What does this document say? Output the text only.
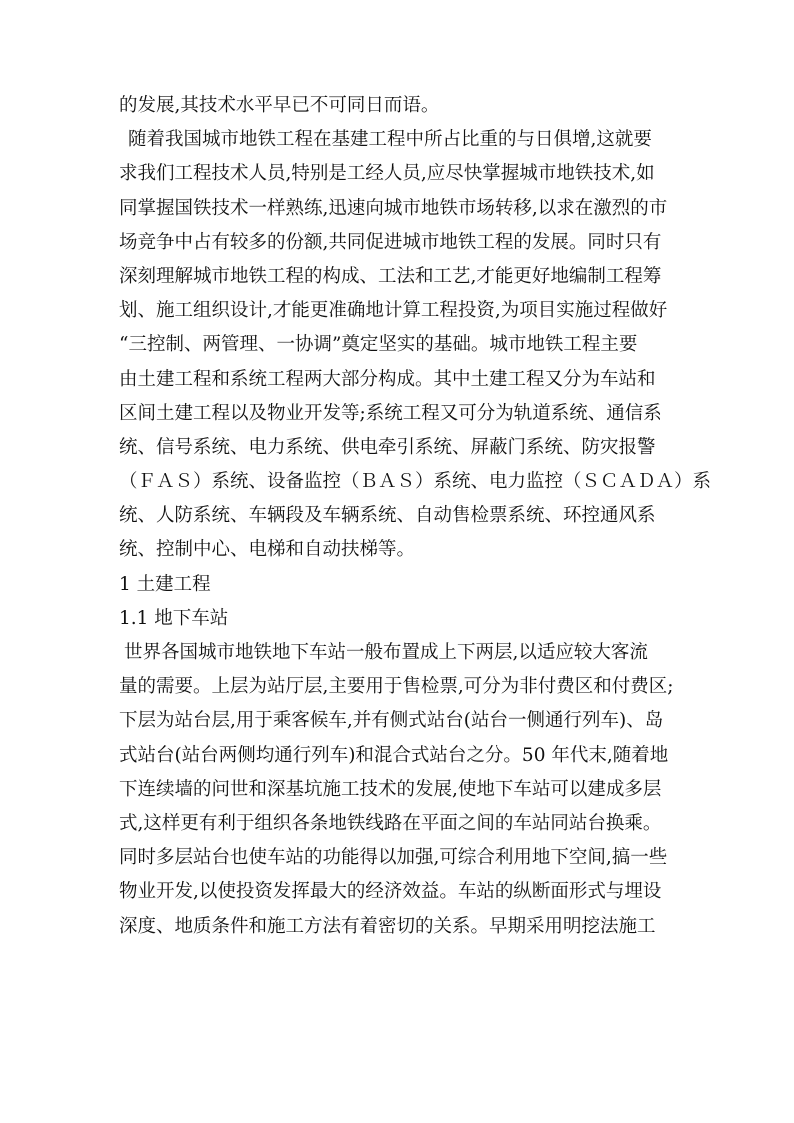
的发展,其技术水平早已不可同日而语。
随着我国城市地铁工程在基建工程中所占比重的与日俱增,这就要
求我们工程技术人员,特别是工经人员,应尽快掌握城市地铁技术,如
同掌握国铁技术一样熟练,迅速向城市地铁市场转移,以求在激烈的市
场竞争中占有较多的份额,共同促进城市地铁工程的发展。同时只有
深刻理解城市地铁工程的构成、工法和工艺,才能更好地编制工程筹
划、施工组织设计,才能更准确地计算工程投资,为项目实施过程做好
“三控制、两管理、一协调”奠定坚实的基础。城市地铁工程主要
由土建工程和系统工程两大部分构成。其中土建工程又分为车站和
区间土建工程以及物业开发等;系统工程又可分为轨道系统、通信系
统、信号系统、电力系统、供电牵引系统、屏蔽门系统、防灾报警
（ＦＡＳ）系统、设备监控（ＢＡＳ）系统、电力监控（ＳＣＡＤＡ）系
统、人防系统、车辆段及车辆系统、自动售检票系统、环控通风系
统、控制中心、电梯和自动扶梯等。
1 土建工程
1.1 地下车站
世界各国城市地铁地下车站一般布置成上下两层,以适应较大客流
量的需要。上层为站厅层,主要用于售检票,可分为非付费区和付费区;
下层为站台层,用于乘客候车,并有侧式站台(站台一侧通行列车)、岛
式站台(站台两侧均通行列车)和混合式站台之分。50 年代末,随着地
下连续墙的问世和深基坑施工技术的发展,使地下车站可以建成多层
式,这样更有利于组织各条地铁线路在平面之间的车站同站台换乘。
同时多层站台也使车站的功能得以加强,可综合利用地下空间,搞一些
物业开发,以使投资发挥最大的经济效益。车站的纵断面形式与埋设
深度、地质条件和施工方法有着密切的关系。早期采用明挖法施工
